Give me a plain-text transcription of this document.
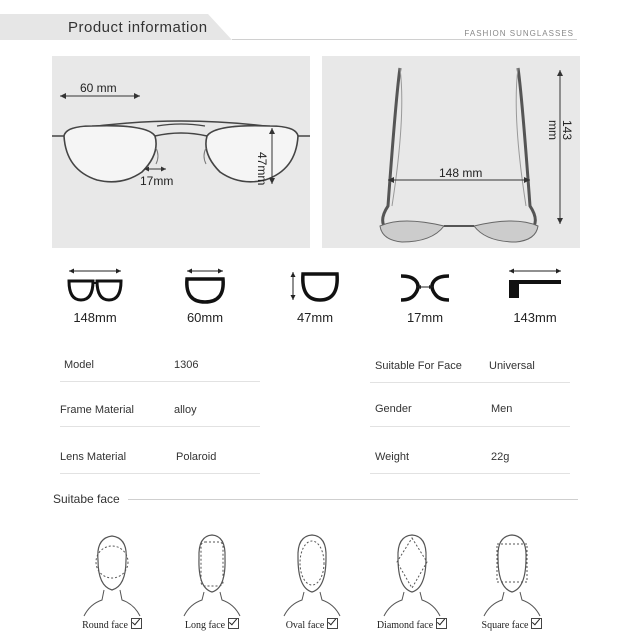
Product information	FASHION SUNGLASSES
60 mm
17mm	47mm	148 mm
143 mm
148mm	60mm	47mm	17mm	143mm
Model	1306
Frame Material	alloy
Lens Material	Polaroid
Suitable For Face Universal
Gender	Men
Weight	22g
Suitabe face
Round face	Long face	Oval face	Diamond face	Square face
